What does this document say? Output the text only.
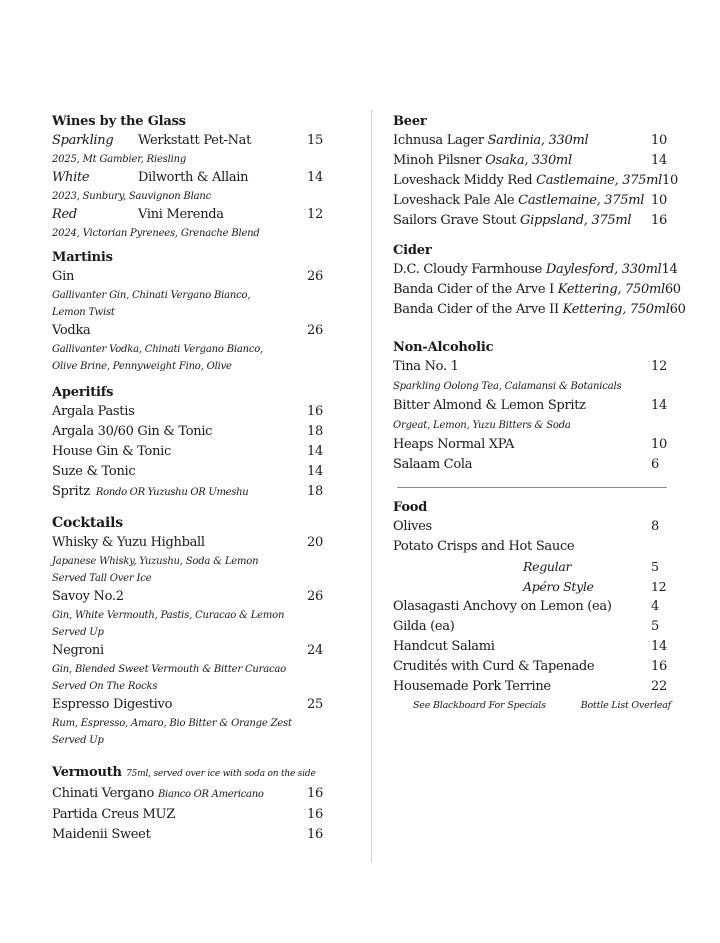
Wines by the Glass
Sparkling	Werkstatt Pet-Nat	15
2025, Mt Gambier, Riesling
White	Dilworth & Allain	14
2023, Sunbury, Sauvignon Blanc
Red	Vini Merenda	12
2024, Victorian Pyrenees, Grenache Blend
Martinis
Gin	26
Gallivanter Gin, Chinati Vergano Bianco,
Lemon Twist
Vodka	26
Gallivanter Vodka, Chinati Vergano Bianco,
Olive Brine, Pennyweight Fino, Olive
Aperitifs
Argala Pastis	16
Argala 30/60 Gin & Tonic	18
House Gin & Tonic	14
Suze & Tonic	14
Spritz Rondo OR Yuzushu OR Umeshu	18
Cocktails
Whisky & Yuzu Highball	20
Japanese Whisky, Yuzushu, Soda & Lemon
Served Tall Over Ice
Savoy No.2	26
Gin, White Vermouth, Pastis, Curacao & Lemon
Served Up
Negroni	24
Gin, Blended Sweet Vermouth & Bitter Curacao
Served On The Rocks
Espresso Digestivo	25
Rum, Espresso, Amaro, Bio Bitter & Orange Zest
Served Up
Vermouth 75ml, served over ice with soda on the side
Chinati Vergano Bianco OR Americano	16
Partida Creus MUZ	16
Maidenii Sweet	16
Beer
Ichnusa Lager Sardinia, 330ml	10
Minoh Pilsner Osaka, 330ml	14
Loveshack Middy Red Castlemaine, 375ml 10
Loveshack Pale Ale Castlemaine, 375ml 10
Sailors Grave Stout Gippsland, 375ml	16
Cider
D.C. Cloudy Farmhouse Daylesford, 330ml 14
Banda Cider of the Arve I Kettering, 750ml 60
Banda Cider of the Arve II Kettering, 750ml 60
Non-Alcoholic
Tina No. 1	12
Sparkling Oolong Tea, Calamansi & Botanicals
Bitter Almond & Lemon Spritz	14
Orgeat, Lemon, Yuzu Bitters & Soda
Heaps Normal XPA	10
Salaam Cola	6
Food
Olives	8
Potato Crisps and Hot Sauce
Regular	5
Apéro Style	12
Olasagasti Anchovy on Lemon (ea)	4
Gilda (ea)	5
Handcut Salami	14
Crudités with Curd & Tapenade	16
Housemade Pork Terrine	22
See Blackboard For Specials	Bottle List Overleaf
